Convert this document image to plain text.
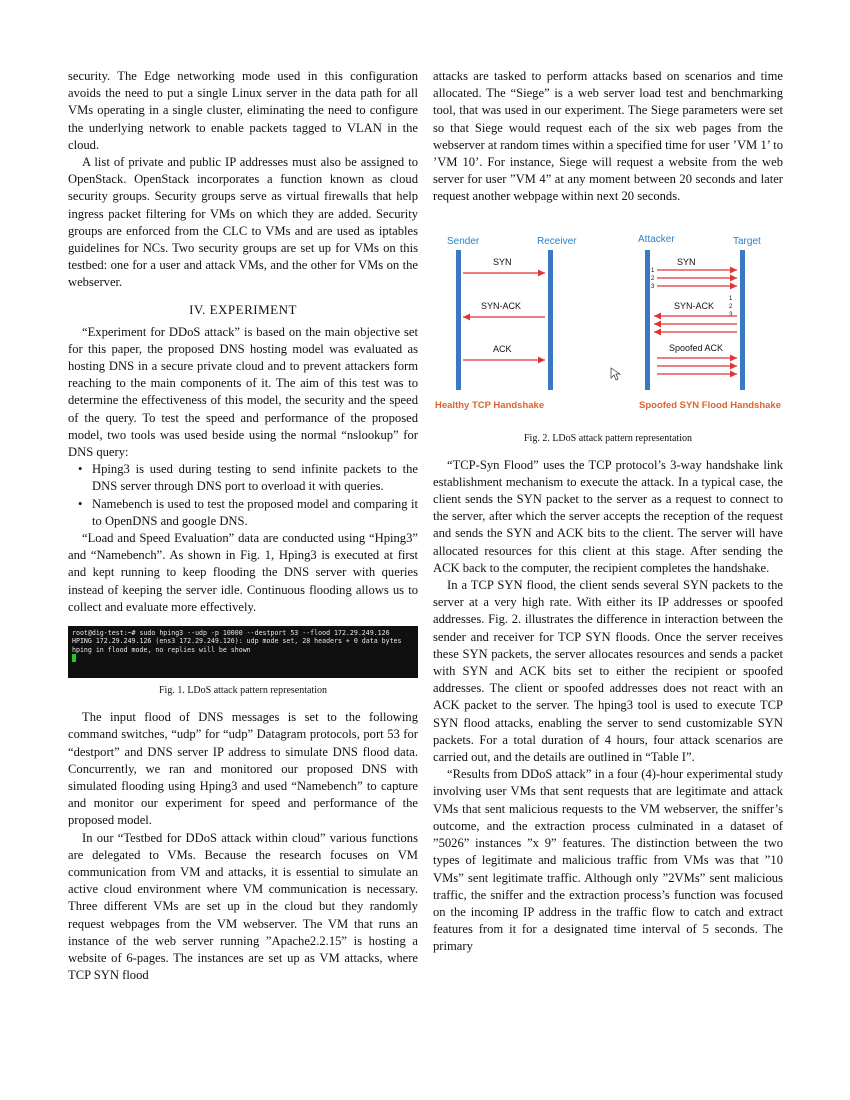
security. The Edge networking mode used in this configuration avoids the need to put a single Linux server in the data path for all VMs operating in a single cluster, eliminating the need to configure the underlying network to enable packets tagged to VLAN in the cloud.

A list of private and public IP addresses must also be assigned to OpenStack. OpenStack incorporates a function known as cloud security groups. Security groups serve as virtual firewalls that help ingress packet filtering for VMs on which they are added. Security groups are enforced from the CLC to VMs and are used as iptables guidelines for NCs. Two security groups are set up for VMs on this testbed: one for a user and attack VMs, and the other for VMs on the webserver.

IV. EXPERIMENT

“Experiment for DDoS attack” is based on the main objective set for this paper, the proposed DNS hosting model was evaluated as hosting DNS in a secure private cloud and to prevent attackers form reaching to the main components of it. The aim of this test was to determine the effectiveness of this model, the security and the speed of the query. To test the speed and performance of the proposed model, two tools was used beside using the normal “nslookup” for DNS query:

• Hping3 is used during testing to send infinite packets to the DNS server through DNS port to overload it with queries.
• Namebench is used to test the proposed model and comparing it to OpenDNS and google DNS.

“Load and Speed Evaluation” data are conducted using “Hping3” and “Namebench”. As shown in Fig. 1, Hping3 is executed at first and kept running to keep flooding the DNS server with queries instead of keeping the server idle. Continuous flooding allows us to collect and evaluate more effectively.

root@dig-test:~# sudo hping3 --udp -p 10000 --destport 53 --flood 172.29.249.126
HPING 172.29.249.126 (ens3 172.29.249.126): udp mode set, 28 headers + 0 data bytes
hping in flood mode, no replies will be shown
Fig. 1. LDoS attack pattern representation

The input flood of DNS messages is set to the following command switches, “udp” for “udp” Datagram protocols, port 53 for “destport” and DNS server IP address to simulate DNS flood data. Concurrently, we ran and monitored our proposed DNS with simulated flooding using Hping3 and used “Namebench” to capture and monitor our experiment for speed and performance of the proposed model.

In our “Testbed for DDoS attack within cloud” various functions are delegated to VMs. Because the research focuses on VM communication from VM and attacks, it is essential to simulate an active cloud environment where VM communication is necessary. Three different VMs are set up in the cloud but they randomly request webpages from the VM webserver. The VM that runs an instance of the web server running ”Apache2.2.15” is hosting a website of 6-pages. The instances are set up as VM attacks, where TCP SYN flood

attacks are tasked to perform attacks based on scenarios and time allocated. The “Siege” is a web server load test and benchmarking tool, that was used in our experiment. The Siege parameters were set so that Siege would request each of the six web pages from the webserver at random times within a specified time for user ’VM 1’ to ’VM 10’. For instance, Siege will request a website from the web server for user ”VM 4” at any moment between 20 seconds and later request another webpage within next 20 seconds.

Sender	Receiver	Attacker	Target
SYN
SYN-ACK
ACK
SYN
1
2
3
SYN-ACK
1
2
3
Spoofed ACK
Healthy TCP Handshake	Spoofed SYN Flood Handshake
Fig. 2. LDoS attack pattern representation

“TCP-Syn Flood” uses the TCP protocol’s 3-way handshake link establishment mechanism to execute the attack. In a typical case, the client sends the SYN packet to the server as a request to connect to the server, after which the server accepts the reception of the request and sends the SYN and ACK bits to the client. The server will have allocated resources for this client at this stage. After sending the ACK back to the computer, the recipient completes the handshake.

In a TCP SYN flood, the client sends several SYN packets to the server at a very high rate. With either its IP addresses or spoofed addresses. Fig. 2. illustrates the difference in interaction between the sender and receiver for TCP SYN floods. Once the server receives these SYN packets, the server allocates resources and sends a packet with SYN and ACK bits set to either the recipient or spoofed addresses. The client or spoofed addresses does not react with an ACK packet to the server. The hping3 tool is used to execute TCP SYN flood attacks, enabling the server to send customizable SYN packets. For a total duration of 4 hours, four attack scenarios are carried out, and the details are outlined in “Table I”.

“Results from DDoS attack” in a four (4)-hour experimental study involving user VMs that sent requests that are legitimate and attack VMs that sent malicious requests to the VM webserver, the sniffer’s outcome, and the extraction process culminated in a dataset of ”5026” instances ”x 9” features. The distinction between the two types of legitimate and malicious traffic from VMs was that ”10 VMs” sent legitimate traffic. Although only ”2VMs” sent malicious traffic, the sniffer and the extraction process’s function was focused on the incoming IP address in the traffic flow to catch and extract features from it for a designated time interval of 5 seconds. The primary
